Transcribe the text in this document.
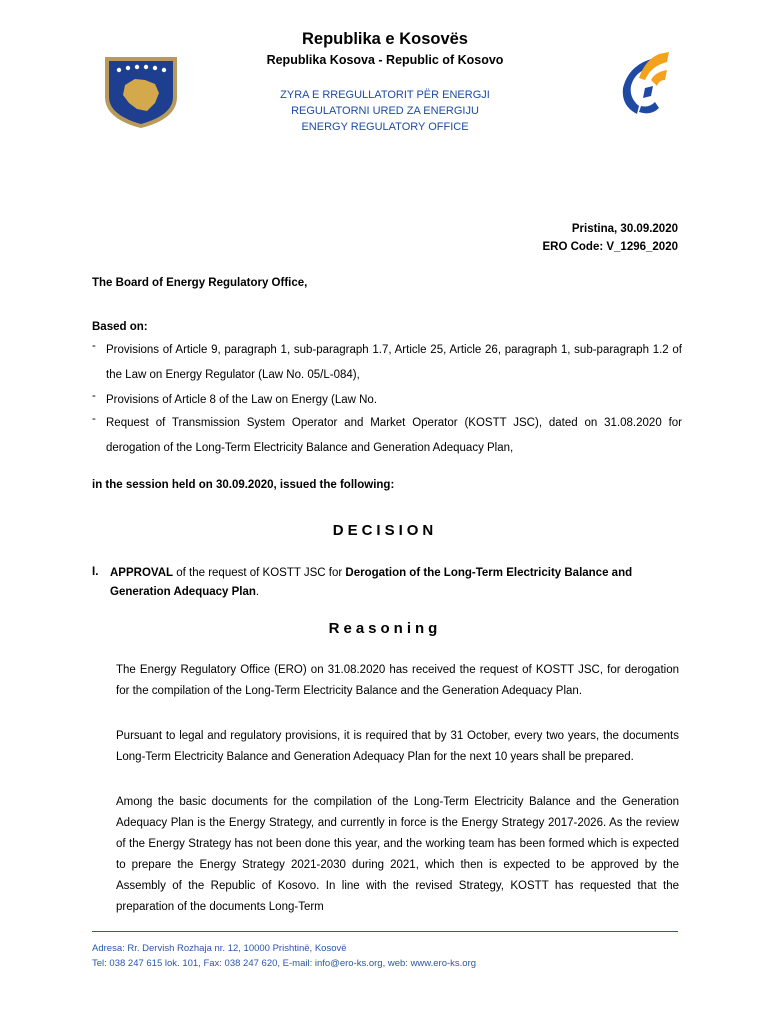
Republika e Kosovës
Republika Kosova - Republic of Kosovo
ZYRA E RREGULLATORIT PËR ENERGJI
REGULATORNI URED ZA ENERGIJU
ENERGY REGULATORY OFFICE
Pristina, 30.09.2020
ERO Code: V_1296_2020
The Board of Energy Regulatory Office,
Based on:
- Provisions of Article 9, paragraph 1, sub-paragraph 1.7, Article 25, Article 26, paragraph 1, sub-paragraph 1.2 of the Law on Energy Regulator (Law No. 05/L-084),
- Provisions of Article 8 of the Law on Energy (Law No.
- Request of Transmission System Operator and Market Operator (KOSTT JSC), dated on 31.08.2020 for derogation of the Long-Term Electricity Balance and Generation Adequacy Plan,
in the session held on 30.09.2020, issued the following:
DECISION
I. APPROVAL of the request of KOSTT JSC for Derogation of the Long-Term Electricity Balance and Generation Adequacy Plan.
Reasoning
The Energy Regulatory Office (ERO) on 31.08.2020 has received the request of KOSTT JSC, for derogation for the compilation of the Long-Term Electricity Balance and the Generation Adequacy Plan.
Pursuant to legal and regulatory provisions, it is required that by 31 October, every two years, the documents Long-Term Electricity Balance and Generation Adequacy Plan for the next 10 years shall be prepared.
Among the basic documents for the compilation of the Long-Term Electricity Balance and the Generation Adequacy Plan is the Energy Strategy, and currently in force is the Energy Strategy 2017-2026. As the review of the Energy Strategy has not been done this year, and the working team has been formed which is expected to prepare the Energy Strategy 2021-2030 during 2021, which then is expected to be approved by the Assembly of the Republic of Kosovo. In line with the revised Strategy, KOSTT has requested that the preparation of the documents Long-Term
Adresa: Rr. Dervish Rozhaja nr. 12, 10000 Prishtinë, Kosovë
Tel: 038 247 615 lok. 101, Fax: 038 247 620, E-mail: info@ero-ks.org, web: www.ero-ks.org
